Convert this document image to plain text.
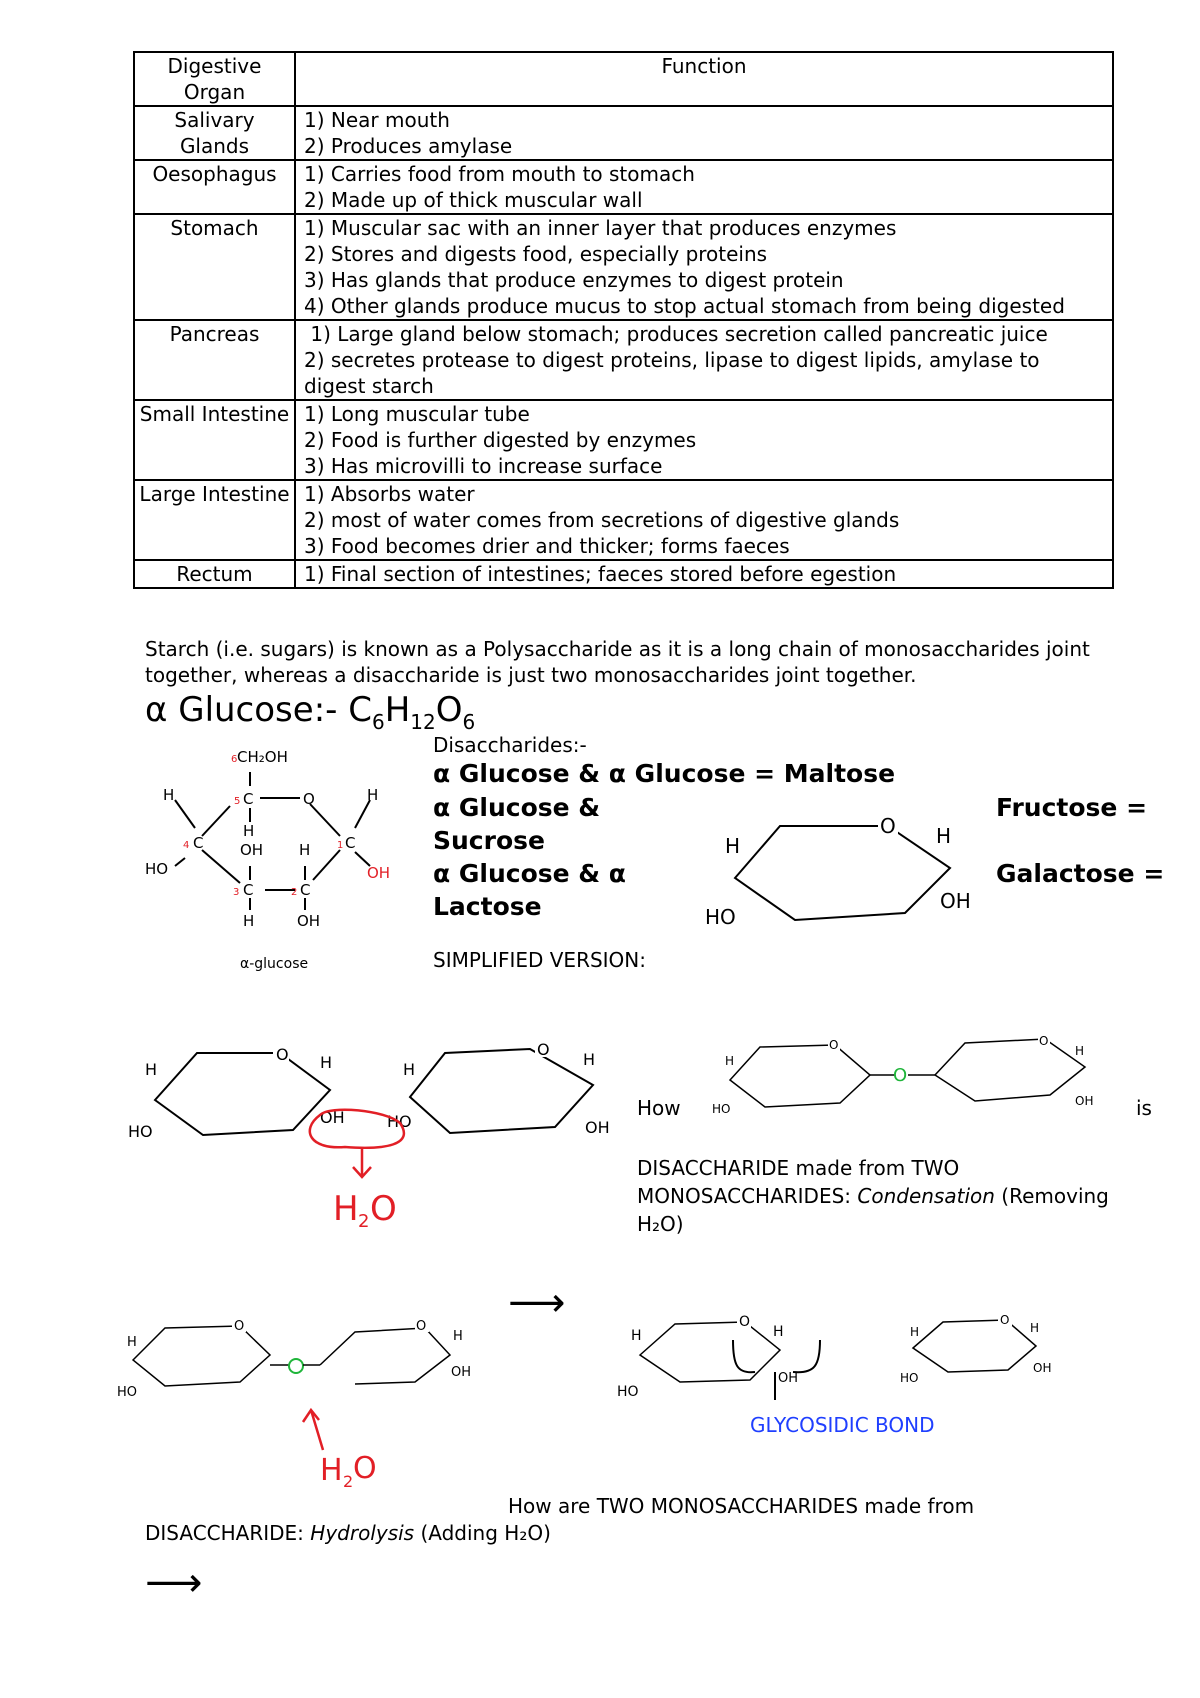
Digestive Organ	Function
Salivary Glands	1) Near mouth
2) Produces amylase

Oesophagus	1) Carries food from mouth to stomach
2) Made up of thick muscular wall

Stomach	1) Muscular sac with an inner layer that produces enzymes
2) Stores and digests food, especially proteins
3) Has glands that produce enzymes to digest protein
4) Other glands produce mucus to stop actual stomach from being digested

Pancreas	1) Large gland below stomach; produces secretion called pancreatic juice
2) secretes protease to digest proteins, lipase to digest lipids, amylase to digest starch

Small Intestine	1) Long muscular tube
2) Food is further digested by enzymes
3) Has microvilli to increase surface

Large Intestine	1) Absorbs water
2) most of water comes from secretions of digestive glands
3) Food becomes drier and thicker; forms faeces

Rectum	1) Final section of intestines; faeces stored before egestion
Starch (i.e. sugars) is known as a Polysaccharide as it is a long chain of monosaccharides joint together, whereas a disaccharide is just two monosaccharides joint together.
α Glucose:- $C_6H_{12}O_6$
CH₂OH
6
C
5	O
H
H
C
4	OH
HO
C
3
H
H
C
2
OH
C
1
H
OH
α-glucose
Disaccharides:-
α Glucose & α Glucose = Maltose
α Glucose &
Sucrose
α Glucose & α
Lactose
Fructose =
Galactose =
SIMPLIFIED VERSION:
O
H	H
OH
HO
O
H	H
HO
OH
O
H
H
HO	OH
H 2 O
O
H
HO
O
O
H
OH
How	is
DISACCHARIDE made from TWO
MONOSACCHARIDES: Condensation (Removing
H₂O)
⟶
O
H
HO
O
H
OH
H 2 O
O
H	H
HO
OH
O
H	H
HO
OH
GLYCOSIDIC BOND
How are TWO MONOSACCHARIDES made from
DISACCHARIDE: Hydrolysis (Adding H₂O)
⟶
